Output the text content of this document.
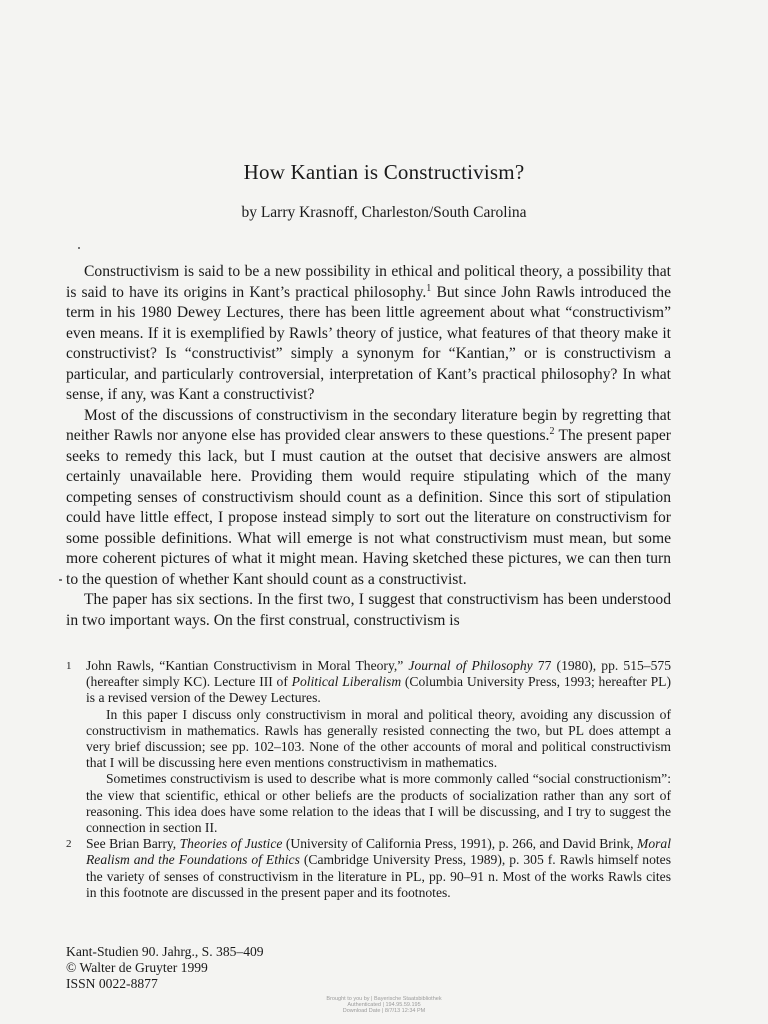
How Kantian is Constructivism?
by Larry Krasnoff, Charleston/South Carolina

Constructivism is said to be a new possibility in ethical and political theory, a possibility that is said to have its origins in Kant’s practical philosophy.$^1$ But since John Rawls introduced the term in his 1980 Dewey Lectures, there has been little agreement about what “constructivism” even means. If it is exemplified by Rawls’ theory of justice, what features of that theory make it constructivist? Is “constructivist” simply a synonym for “Kantian,” or is constructivism a particular, and particularly controversial, interpretation of Kant’s practical philosophy? In what sense, if any, was Kant a constructivist?

Most of the discussions of constructivism in the secondary literature begin by regretting that neither Rawls nor anyone else has provided clear answers to these questions.$^2$ The present paper seeks to remedy this lack, but I must caution at the outset that decisive answers are almost certainly unavailable here. Providing them would require stipulating which of the many competing senses of constructivism should count as a definition. Since this sort of stipulation could have little effect, I propose instead simply to sort out the literature on constructivism for some possible definitions. What will emerge is not what constructivism must mean, but some more coherent pictures of what it might mean. Having sketched these pictures, we can then turn to the question of whether Kant should count as a constructivist.

The paper has six sections. In the first two, I suggest that constructivism has been understood in two important ways. On the first construal, constructivism is

1 John Rawls, “Kantian Constructivism in Moral Theory,” Journal of Philosophy 77 (1980), pp. 515–575 (hereafter simply KC). Lecture III of Political Liberalism (Columbia University Press, 1993; hereafter PL) is a revised version of the Dewey Lectures.

In this paper I discuss only constructivism in moral and political theory, avoiding any discussion of constructivism in mathematics. Rawls has generally resisted connecting the two, but PL does attempt a very brief discussion; see pp. 102–103. None of the other accounts of moral and political constructivism that I will be discussing here even mentions constructivism in mathematics.

Sometimes constructivism is used to describe what is more commonly called “social constructionism”: the view that scientific, ethical or other beliefs are the products of socialization rather than any sort of reasoning. This idea does have some relation to the ideas that I will be discussing, and I try to suggest the connection in section II.

2 See Brian Barry, Theories of Justice (University of California Press, 1991), p. 266, and David Brink, Moral Realism and the Foundations of Ethics (Cambridge University Press, 1989), p. 305 f. Rawls himself notes the variety of senses of constructivism in the literature in PL, pp. 90–91 n. Most of the works Rawls cites in this footnote are discussed in the present paper and its footnotes.
Kant-Studien 90. Jahrg., S. 385–409
© Walter de Gruyter 1999
ISSN 0022-8877
Brought to you by | Bayerische Staatsbibliothek
Authenticated | 194.95.59.195
Download Date | 8/7/13 12:34 PM
